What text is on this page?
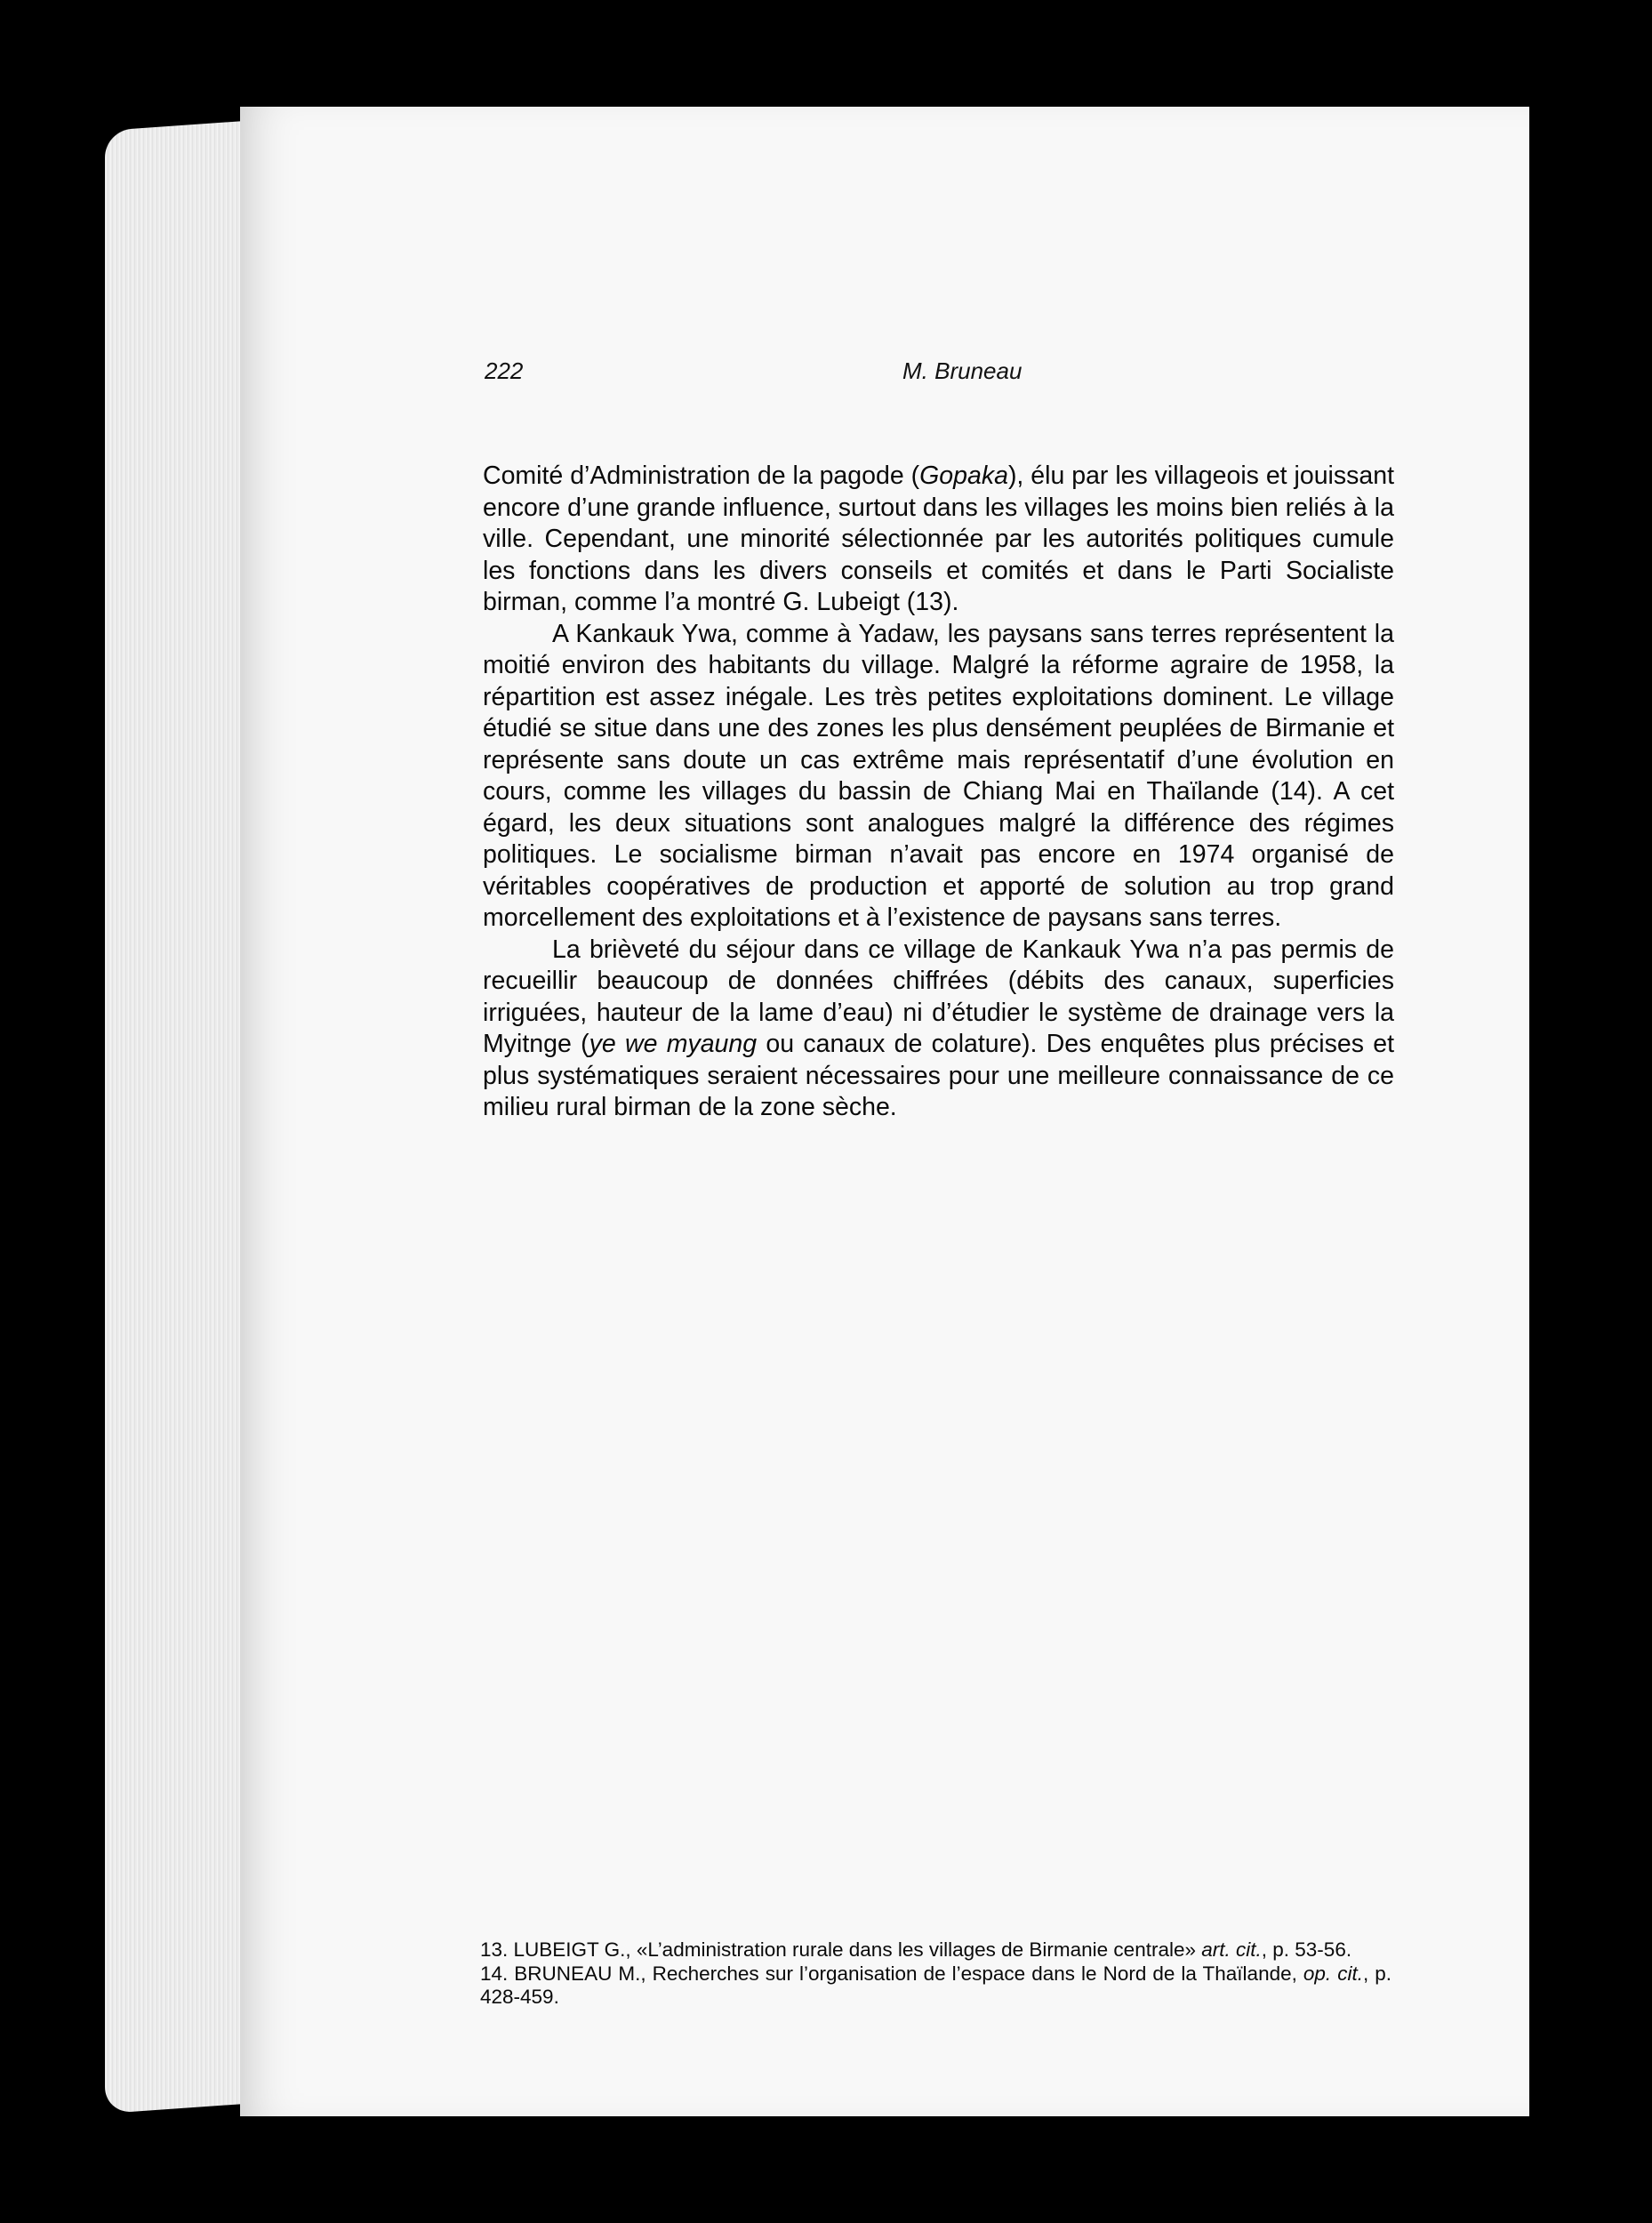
222	M. Bruneau

Comité d’Administration de la pagode (Gopaka), élu par les villageois et jouissant encore d’une grande influence, surtout dans les villages les moins bien reliés à la ville. Cependant, une minorité sélectionnée par les autorités politiques cumule les fonctions dans les divers conseils et comités et dans le Parti Socialiste birman, comme l’a montré G. Lubeigt (13).

A Kankauk Ywa, comme à Yadaw, les paysans sans terres représentent la moitié environ des habitants du village. Malgré la réforme agraire de 1958, la répartition est assez inégale. Les très petites exploitations dominent. Le village étudié se situe dans une des zones les plus densément peuplées de Birmanie et représente sans doute un cas extrême mais représentatif d’une évolution en cours, comme les villages du bassin de Chiang Mai en Thaïlande (14). A cet égard, les deux situations sont analogues malgré la différence des régimes politiques. Le socialisme birman n’avait pas encore en 1974 organisé de véritables coopératives de production et apporté de solution au trop grand morcellement des exploitations et à l’existence de paysans sans terres.

La brièveté du séjour dans ce village de Kankauk Ywa n’a pas permis de recueillir beaucoup de données chiffrées (débits des canaux, superficies irriguées, hauteur de la lame d’eau) ni d’étudier le système de drainage vers la Myitnge (ye we myaung ou canaux de colature). Des enquêtes plus précises et plus systématiques seraient nécessaires pour une meilleure connaissance de ce milieu rural birman de la zone sèche.

13. LUBEIGT G., «L’administration rurale dans les villages de Birmanie centrale» art. cit., p. 53-56.

14. BRUNEAU M., Recherches sur l’organisation de l’espace dans le Nord de la Thaïlande, op. cit., p. 428-459.
